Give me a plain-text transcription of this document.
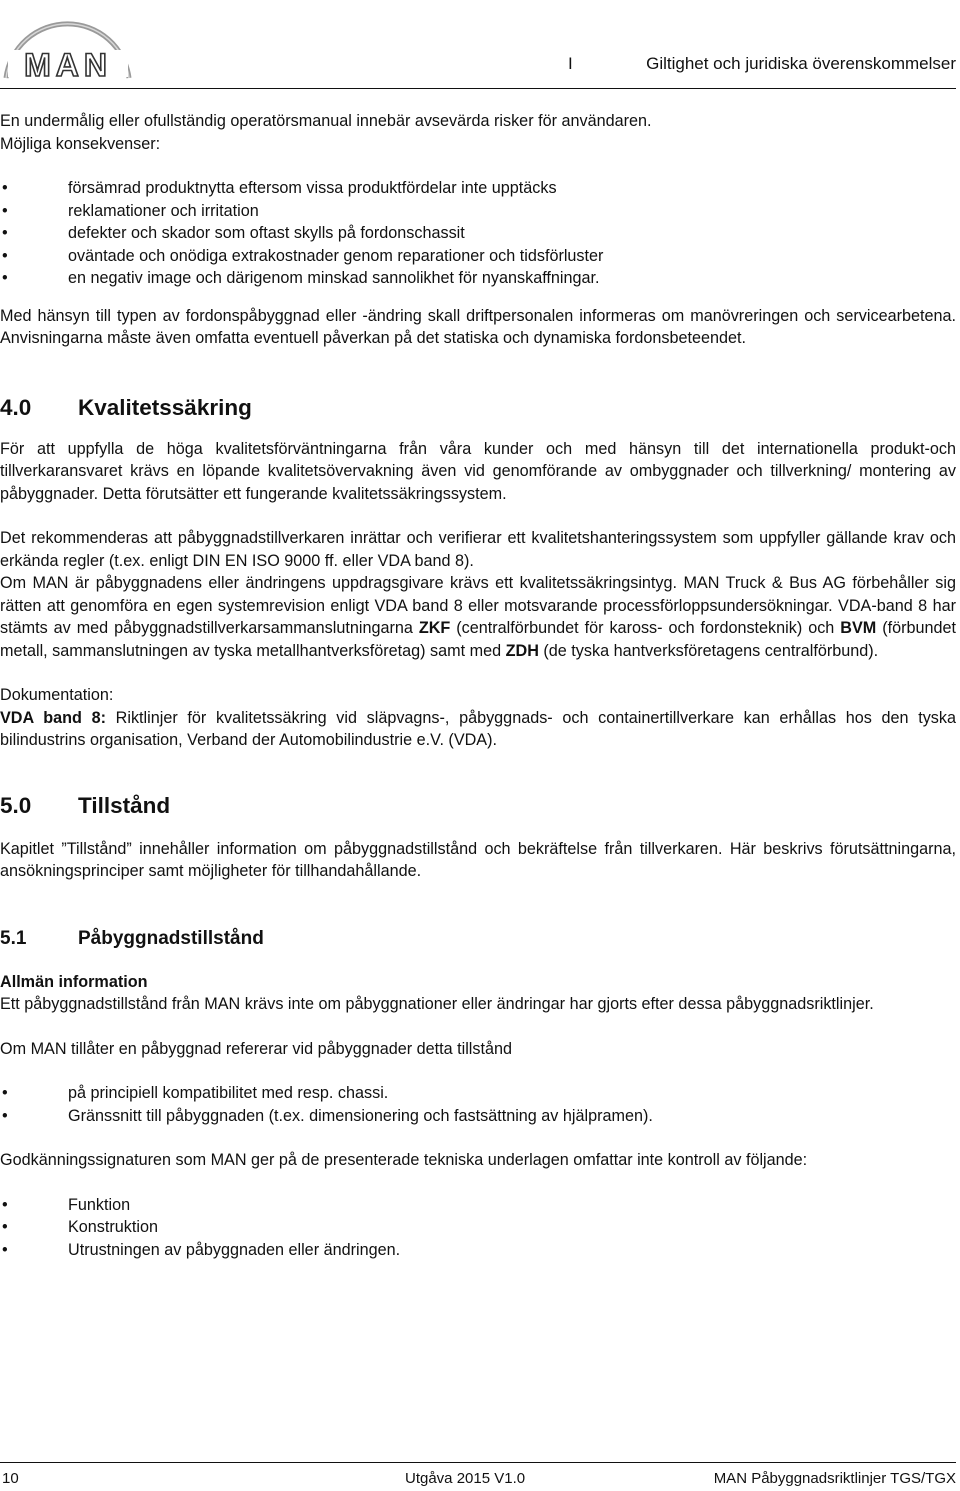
MAN	I	Giltighet och juridiska överenskommelser

En undermålig eller ofullständig operatörsmanual innebär avsevärda risker för användaren.

Möjliga konsekvenser:

• försämrad produktnytta eftersom vissa produktfördelar inte upptäcks
• reklamationer och irritation
• defekter och skador som oftast skylls på fordonschassit
• oväntade och onödiga extrakostnader genom reparationer och tidsförluster
• en negativ image och därigenom minskad sannolikhet för nyanskaffningar.

Med hänsyn till typen av fordonspåbyggnad eller -ändring skall driftpersonalen informeras om manövreringen och servicearbetena. Anvisningarna måste även omfatta eventuell påverkan på det statiska och dynamiska fordonsbeteendet.

4.0	Kvalitetssäkring

För att uppfylla de höga kvalitetsförväntningarna från våra kunder och med hänsyn till det internationella produkt-och tillverkaransvaret krävs en löpande kvalitetsövervakning även vid genomförande av ombyggnader och tillverkning/ montering av påbyggnader. Detta förutsätter ett fungerande kvalitetssäkringssystem.

Det rekommenderas att påbyggnadstillverkaren inrättar och verifierar ett kvalitetshanteringssystem som uppfyller gällande krav och erkända regler (t.ex. enligt DIN EN ISO 9000 ff. eller VDA band 8).

Om MAN är påbyggnadens eller ändringens uppdragsgivare krävs ett kvalitetssäkringsintyg. MAN Truck & Bus AG förbehåller sig rätten att genomföra en egen systemrevision enligt VDA band 8 eller motsvarande processförloppsundersökningar. VDA-band 8 har stämts av med påbyggnadstillverkarsammanslutningarna ZKF (centralförbundet för kaross- och fordonsteknik) och BVM (förbundet metall, sammanslutningen av tyska metallhantverksföretag) samt med ZDH (de tyska hantverksföretagens centralförbund).

Dokumentation:

VDA band 8: Riktlinjer för kvalitetssäkring vid släpvagns-, påbyggnads- och containertillverkare kan erhållas hos den tyska bilindustrins organisation, Verband der Automobilindustrie e.V. (VDA).

5.0	Tillstånd

Kapitlet ”Tillstånd” innehåller information om påbyggnadstillstånd och bekräftelse från tillverkaren. Här beskrivs förutsättningarna, ansökningsprinciper samt möjligheter för tillhandahållande.

5.1	Påbyggnadstillstånd

Allmän information

Ett påbyggnadstillstånd från MAN krävs inte om påbyggnationer eller ändringar har gjorts efter dessa påbyggnadsriktlinjer.

Om MAN tillåter en påbyggnad refererar vid påbyggnader detta tillstånd

• på principiell kompatibilitet med resp. chassi.
• Gränssnitt till påbyggnaden (t.ex. dimensionering och fastsättning av hjälpramen).

Godkänningssignaturen som MAN ger på de presenterade tekniska underlagen omfattar inte kontroll av följande:

• Funktion
• Konstruktion
• Utrustningen av påbyggnaden eller ändringen.
10	Utgåva 2015 V1.0	MAN Påbyggnadsriktlinjer TGS/TGX
